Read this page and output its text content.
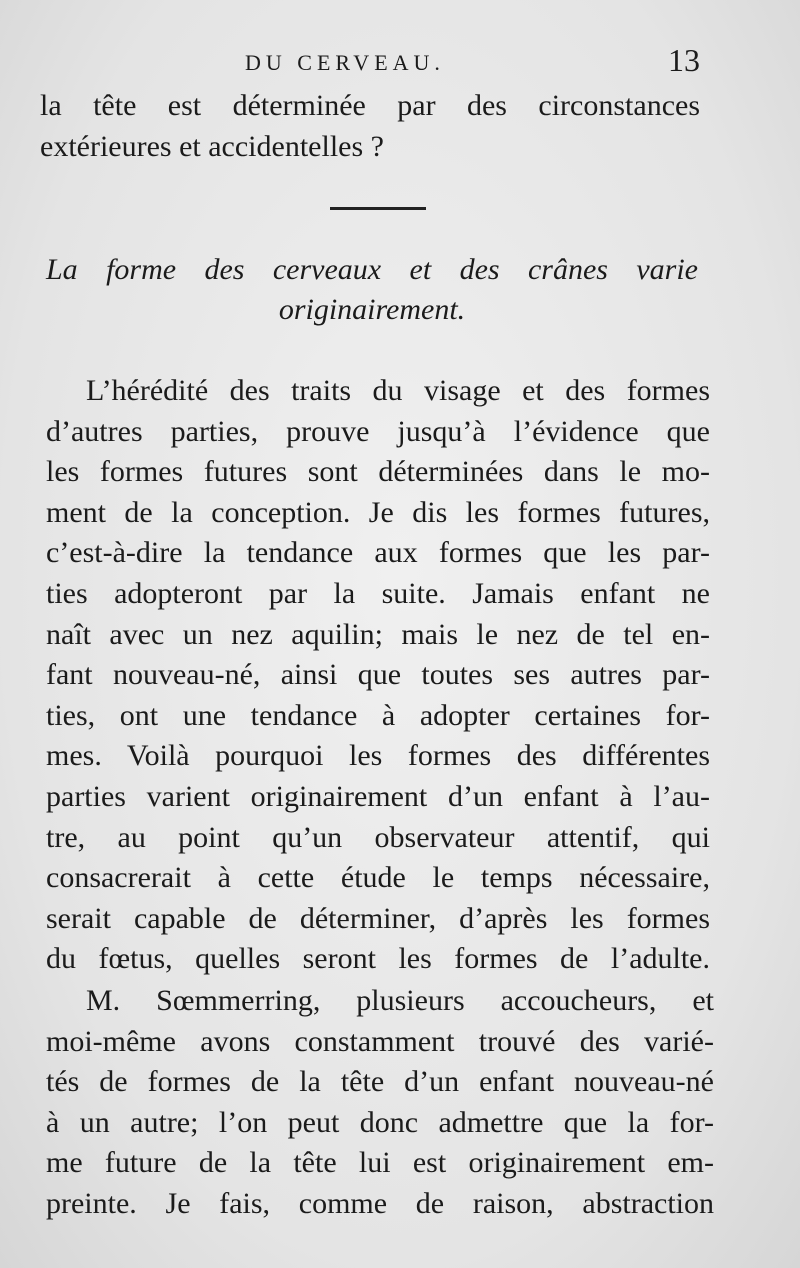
DU CERVEAU.	13
la tête est déterminée par des circonstances
extérieures et accidentelles ?
La forme des cerveaux et des crânes varie
originairement.
L’hérédité des traits du visage et des formes
d’autres parties, prouve jusqu’à l’évidence que
les formes futures sont déterminées dans le mo-
ment de la conception. Je dis les formes futures,
c’est-à-dire la tendance aux formes que les par-
ties adopteront par la suite. Jamais enfant ne
naît avec un nez aquilin; mais le nez de tel en-
fant nouveau-né, ainsi que toutes ses autres par-
ties, ont une tendance à adopter certaines for-
mes. Voilà pourquoi les formes des différentes
parties varient originairement d’un enfant à l’au-
tre, au point qu’un observateur attentif, qui
consacrerait à cette étude le temps nécessaire,
serait capable de déterminer, d’après les formes
du fœtus, quelles seront les formes de l’adulte.
M. Sœmmerring, plusieurs accoucheurs, et
moi-même avons constamment trouvé des varié-
tés de formes de la tête d’un enfant nouveau-né
à un autre; l’on peut donc admettre que la for-
me future de la tête lui est originairement em-
preinte. Je fais, comme de raison, abstraction
